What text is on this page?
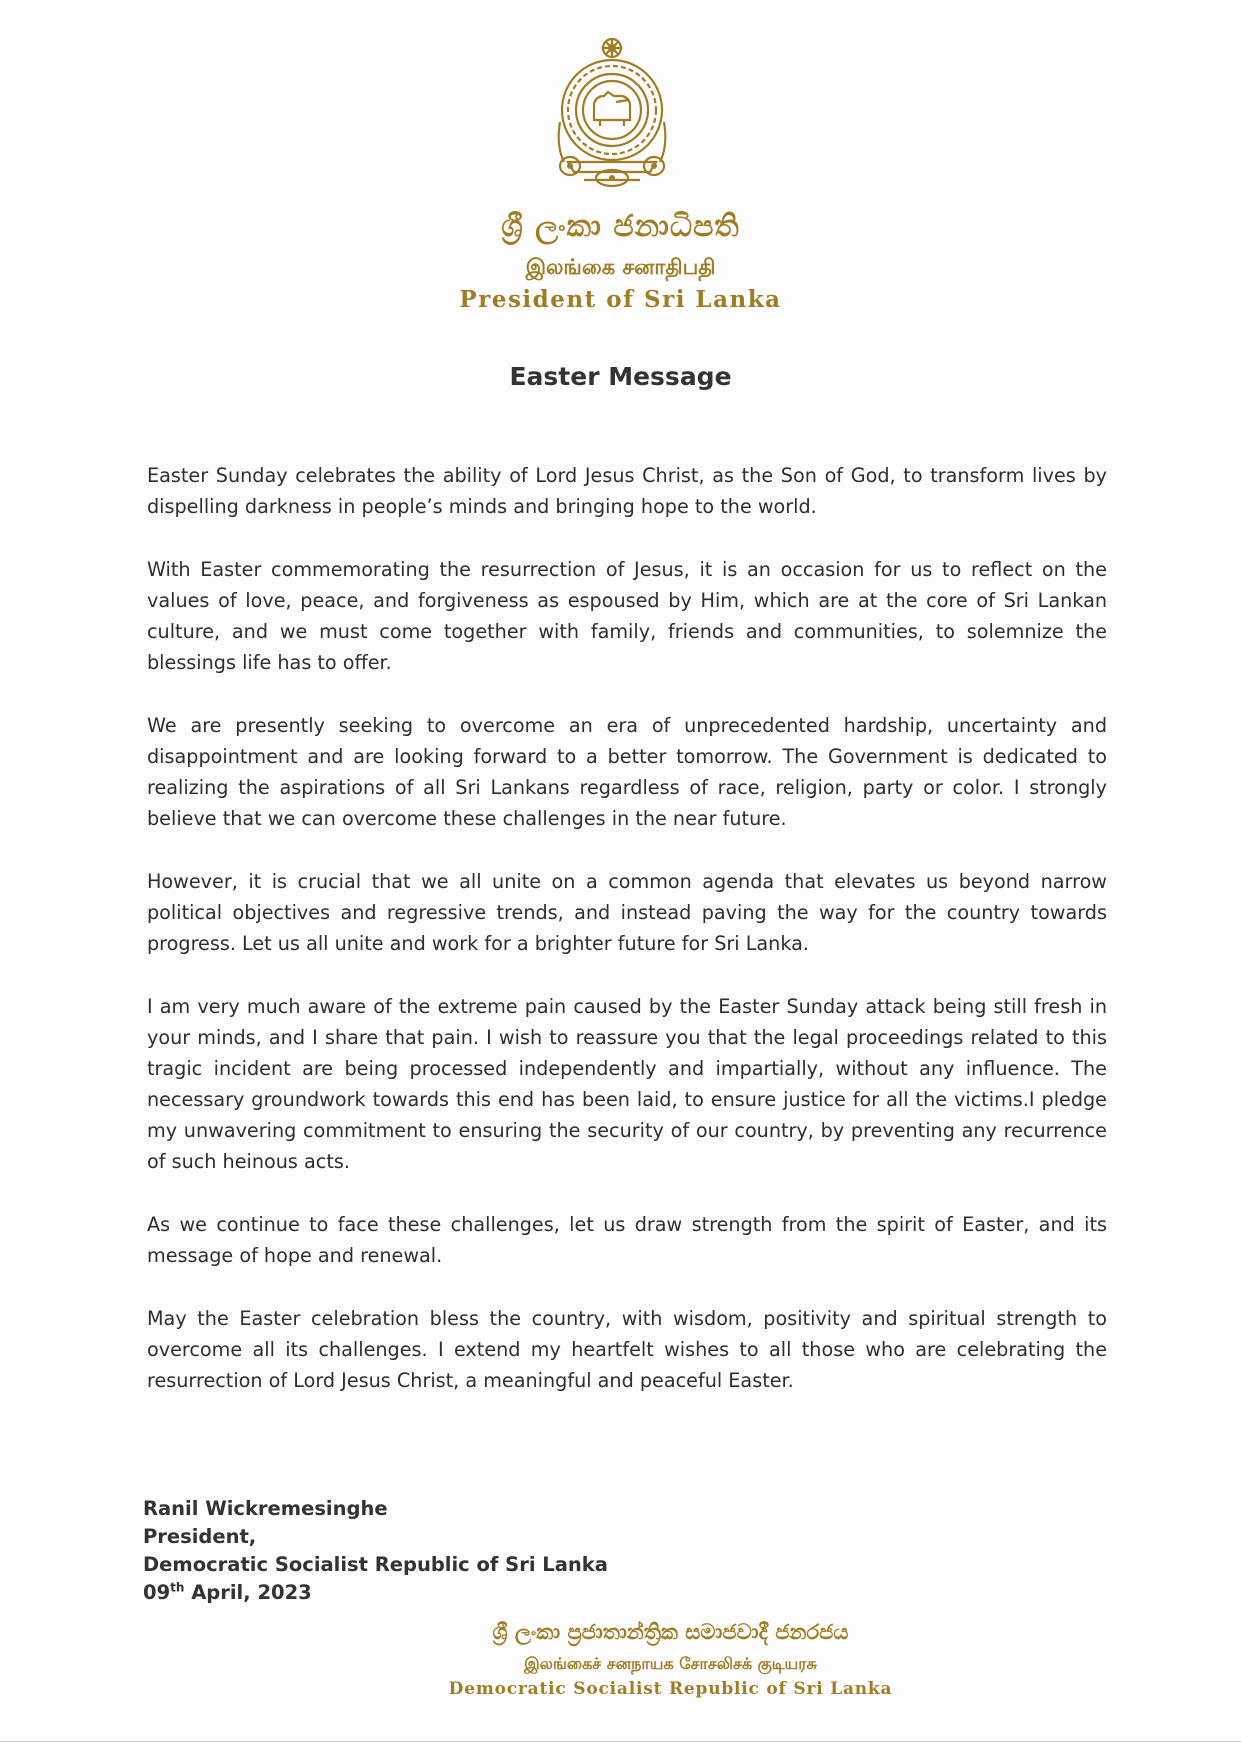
ශ්‍රී ලංකා ජනාධිපති
இலங்கை சனாதிபதி
President of Sri Lanka
Easter Message

Easter Sunday celebrates the ability of Lord Jesus Christ, as the Son of God, to transform lives by dispelling darkness in people’s minds and bringing hope to the world.

With Easter commemorating the resurrection of Jesus, it is an occasion for us to reflect on the values of love, peace, and forgiveness as espoused by Him, which are at the core of Sri Lankan culture, and we must come together with family, friends and communities, to solemnize the blessings life has to offer.

We are presently seeking to overcome an era of unprecedented hardship, uncertainty and disappointment and are looking forward to a better tomorrow. The Government is dedicated to realizing the aspirations of all Sri Lankans regardless of race, religion, party or color. I strongly believe that we can overcome these challenges in the near future.

However, it is crucial that we all unite on a common agenda that elevates us beyond narrow political objectives and regressive trends, and instead paving the way for the country towards progress. Let us all unite and work for a brighter future for Sri Lanka.

I am very much aware of the extreme pain caused by the Easter Sunday attack being still fresh in your minds, and I share that pain. I wish to reassure you that the legal proceedings related to this tragic incident are being processed independently and impartially, without any influence. The necessary groundwork towards this end has been laid, to ensure justice for all the victims.I pledge my unwavering commitment to ensuring the security of our country, by preventing any recurrence of such heinous acts.

As we continue to face these challenges, let us draw strength from the spirit of Easter, and its message of hope and renewal.

May the Easter celebration bless the country, with wisdom, positivity and spiritual strength to overcome all its challenges. I extend my heartfelt wishes to all those who are celebrating the resurrection of Lord Jesus Christ, a meaningful and peaceful Easter.

Ranil Wickremesinghe
President,
Democratic Socialist Republic of Sri Lanka
09th April, 2023
ශ්‍රී ලංකා ප්‍රජාතාන්ත්‍රික සමාජවාදී ජනරජය
இலங்கைச் சனநாயக சோசலிசக் குடியரசு
Democratic Socialist Republic of Sri Lanka
